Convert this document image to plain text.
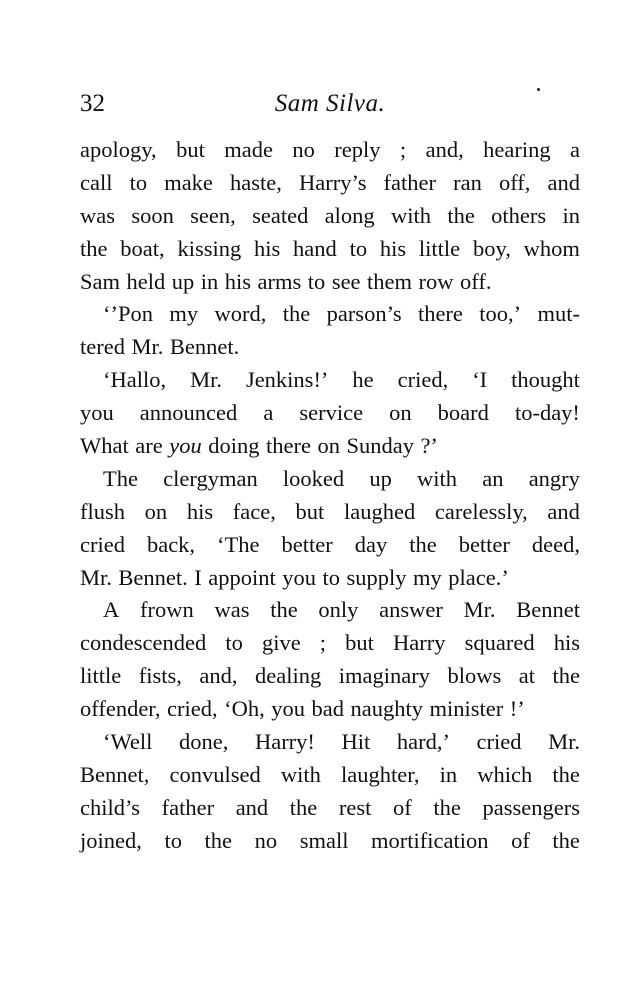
32	Sam Silva.
apology, but made no reply ; and, hearing a
call to make haste, Harry’s father ran off, and
was soon seen, seated along with the others in
the boat, kissing his hand to his little boy, whom
Sam held up in his arms to see them row off.
‘’Pon my word, the parson’s there too,’ mut-
tered Mr. Bennet.
‘Hallo, Mr. Jenkins!’ he cried, ‘I thought
you announced a service on board to-day!
What are you doing there on Sunday ?’
The clergyman looked up with an angry
flush on his face, but laughed carelessly, and
cried back, ‘The better day the better deed,
Mr. Bennet. I appoint you to supply my place.’
A frown was the only answer Mr. Bennet
condescended to give ; but Harry squared his
little fists, and, dealing imaginary blows at the
offender, cried, ‘Oh, you bad naughty minister !’
‘Well done, Harry! Hit hard,’ cried Mr.
Bennet, convulsed with laughter, in which the
child’s father and the rest of the passengers
joined, to the no small mortification of the
